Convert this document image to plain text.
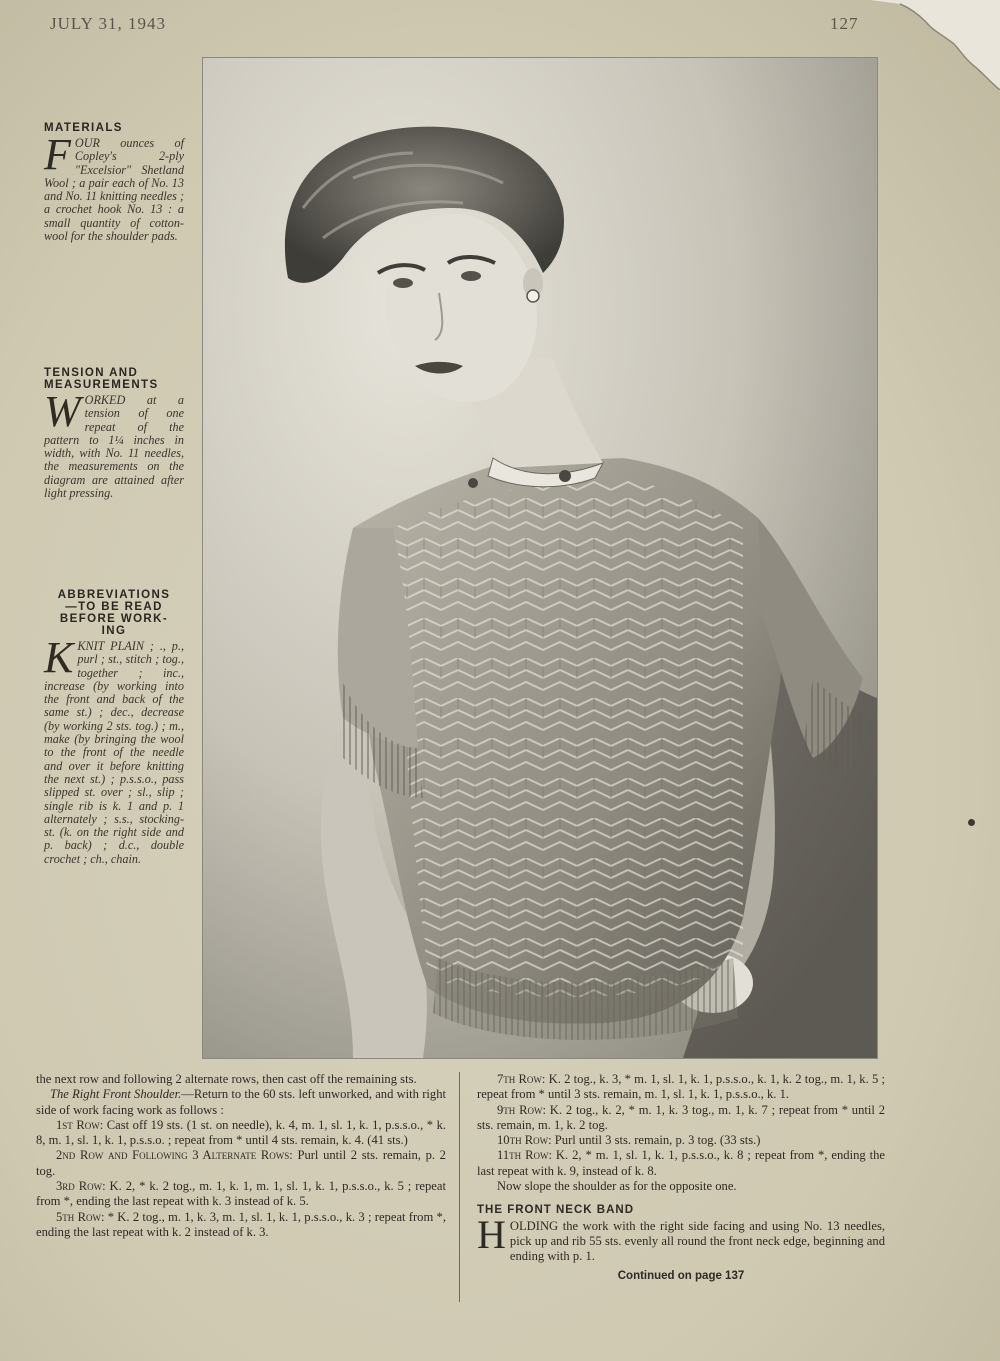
JULY 31, 1943	127
MATERIALS
FOUR ounces of Copley's 2-ply "Excelsior" Shetland Wool ; a pair each of No. 13 and No. 11 knitting needles ; a crochet hook No. 13 : a small quantity of cotton-wool for the shoulder pads.
TENSION AND
MEASUREMENTS
WORKED at a tension of one repeat of the pattern to 1¼ inches in width, with No. 11 needles, the measurements on the diagram are attained after light pressing.
ABBREVIATIONS
—TO BE READ
BEFORE WORK-
ING
KKNIT PLAIN ; ., p., purl ; st., stitch ; tog., together ; inc., increase (by working into the front and back of the same st.) ; dec., decrease (by working 2 sts. tog.) ; m., make (by bringing the wool to the front of the needle and over it before knitting the next st.) ; p.s.s.o., pass slipped st. over ; sl., slip ; single rib is k. 1 and p. 1 alternately ; s.s., stocking-st. (k. on the right side and p. back) ; d.c., double crochet ; ch., chain.

the next row and following 2 alternate rows, then cast off the remaining sts.

The Right Front Shoulder.—Return to the 60 sts. left unworked, and with right side of work facing work as follows :

1st Row: Cast off 19 sts. (1 st. on needle), k. 4, m. 1, sl. 1, k. 1, p.s.s.o., * k. 8, m. 1, sl. 1, k. 1, p.s.s.o. ; repeat from * until 4 sts. remain, k. 4. (41 sts.)

2nd Row and Following 3 Alternate Rows: Purl until 2 sts. remain, p. 2 tog.

3rd Row: K. 2, * k. 2 tog., m. 1, k. 1, m. 1, sl. 1, k. 1, p.s.s.o., k. 5 ; repeat from *, ending the last repeat with k. 3 instead of k. 5.

5th Row: * K. 2 tog., m. 1, k. 3, m. 1, sl. 1, k. 1, p.s.s.o., k. 3 ; repeat from *, ending the last repeat with k. 2 instead of k. 3.

7th Row: K. 2 tog., k. 3, * m. 1, sl. 1, k. 1, p.s.s.o., k. 1, k. 2 tog., m. 1, k. 5 ; repeat from * until 3 sts. remain, m. 1, sl. 1, k. 1, p.s.s.o., k. 1.

9th Row: K. 2 tog., k. 2, * m. 1, k. 3 tog., m. 1, k. 7 ; repeat from * until 2 sts. remain, m. 1, k. 2 tog.

10th Row: Purl until 3 sts. remain, p. 3 tog. (33 sts.)

11th Row: K. 2, * m. 1, sl. 1, k. 1, p.s.s.o., k. 8 ; repeat from *, ending the last repeat with k. 9, instead of k. 8.

Now slope the shoulder as for the opposite one.

THE FRONT NECK BAND

HOLDING the work with the right side facing and using No. 13 needles, pick up and rib 55 sts. evenly all round the front neck edge, beginning and ending with p. 1.

Continued on page 137
